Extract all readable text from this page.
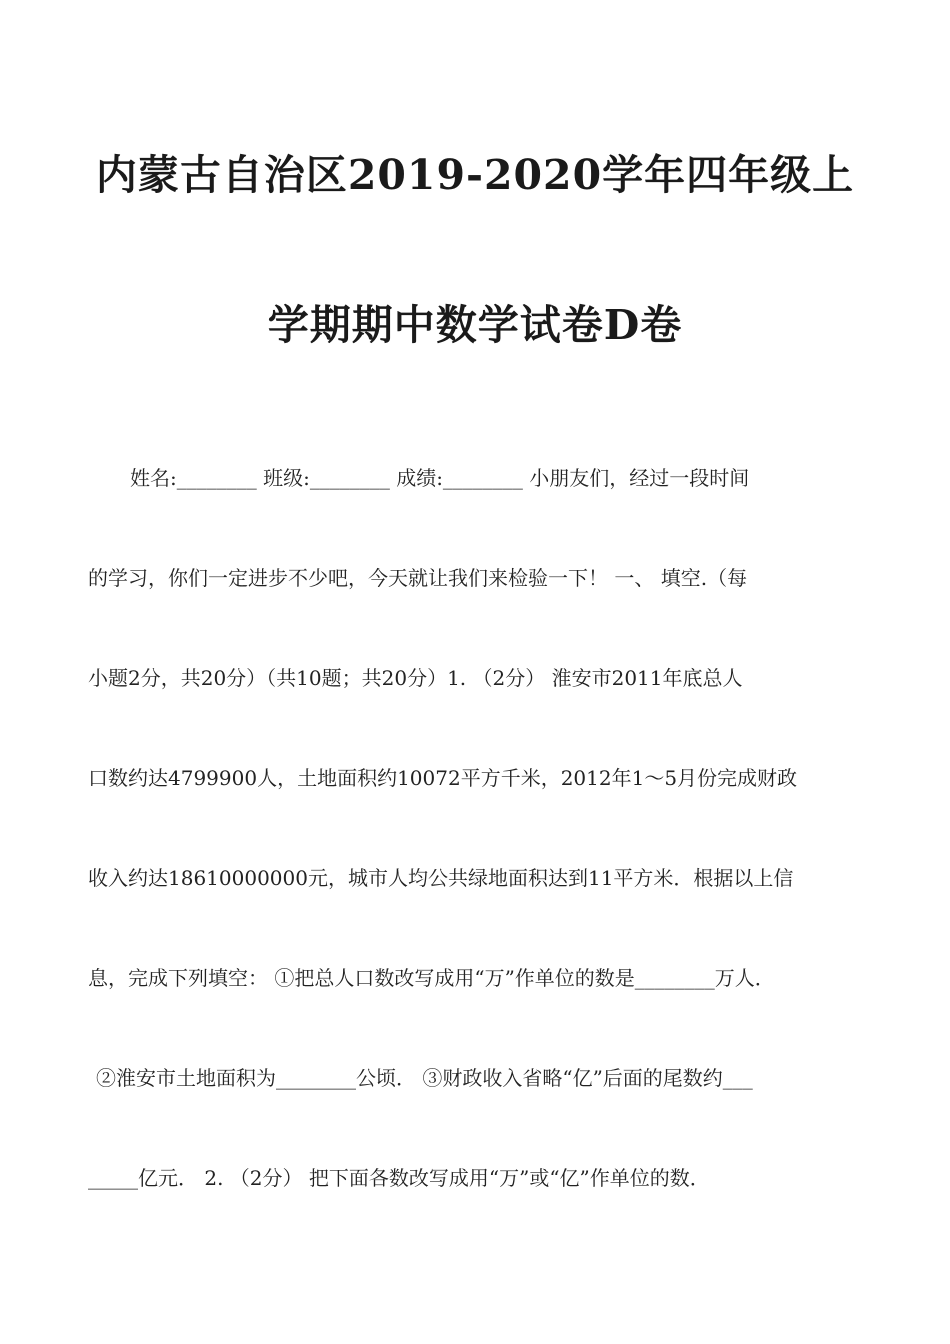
内蒙古自治区2019-2020学年四年级上
学期期中数学试卷D卷
姓名:________ 班级:________ 成绩:________ 小朋友们，经过一段时间
的学习，你们一定进步不少吧，今天就让我们来检验一下！ 一、 填空.（每
小题2分，共20分）（共10题；共20分）1. （2分） 淮安市2011年底总人
口数约达4799900人，土地面积约10072平方千米，2012年1～5月份完成财政
收入约达18610000000元，城市人均公共绿地面积达到11平方米．根据以上信
息，完成下列填空： ①把总人口数改写成用“万”作单位的数是________万人．
②淮安市土地面积为________公顷． ③财政收入省略“亿”后面的尾数约___
_____亿元． 2. （2分） 把下面各数改写成用“万”或“亿”作单位的数．
